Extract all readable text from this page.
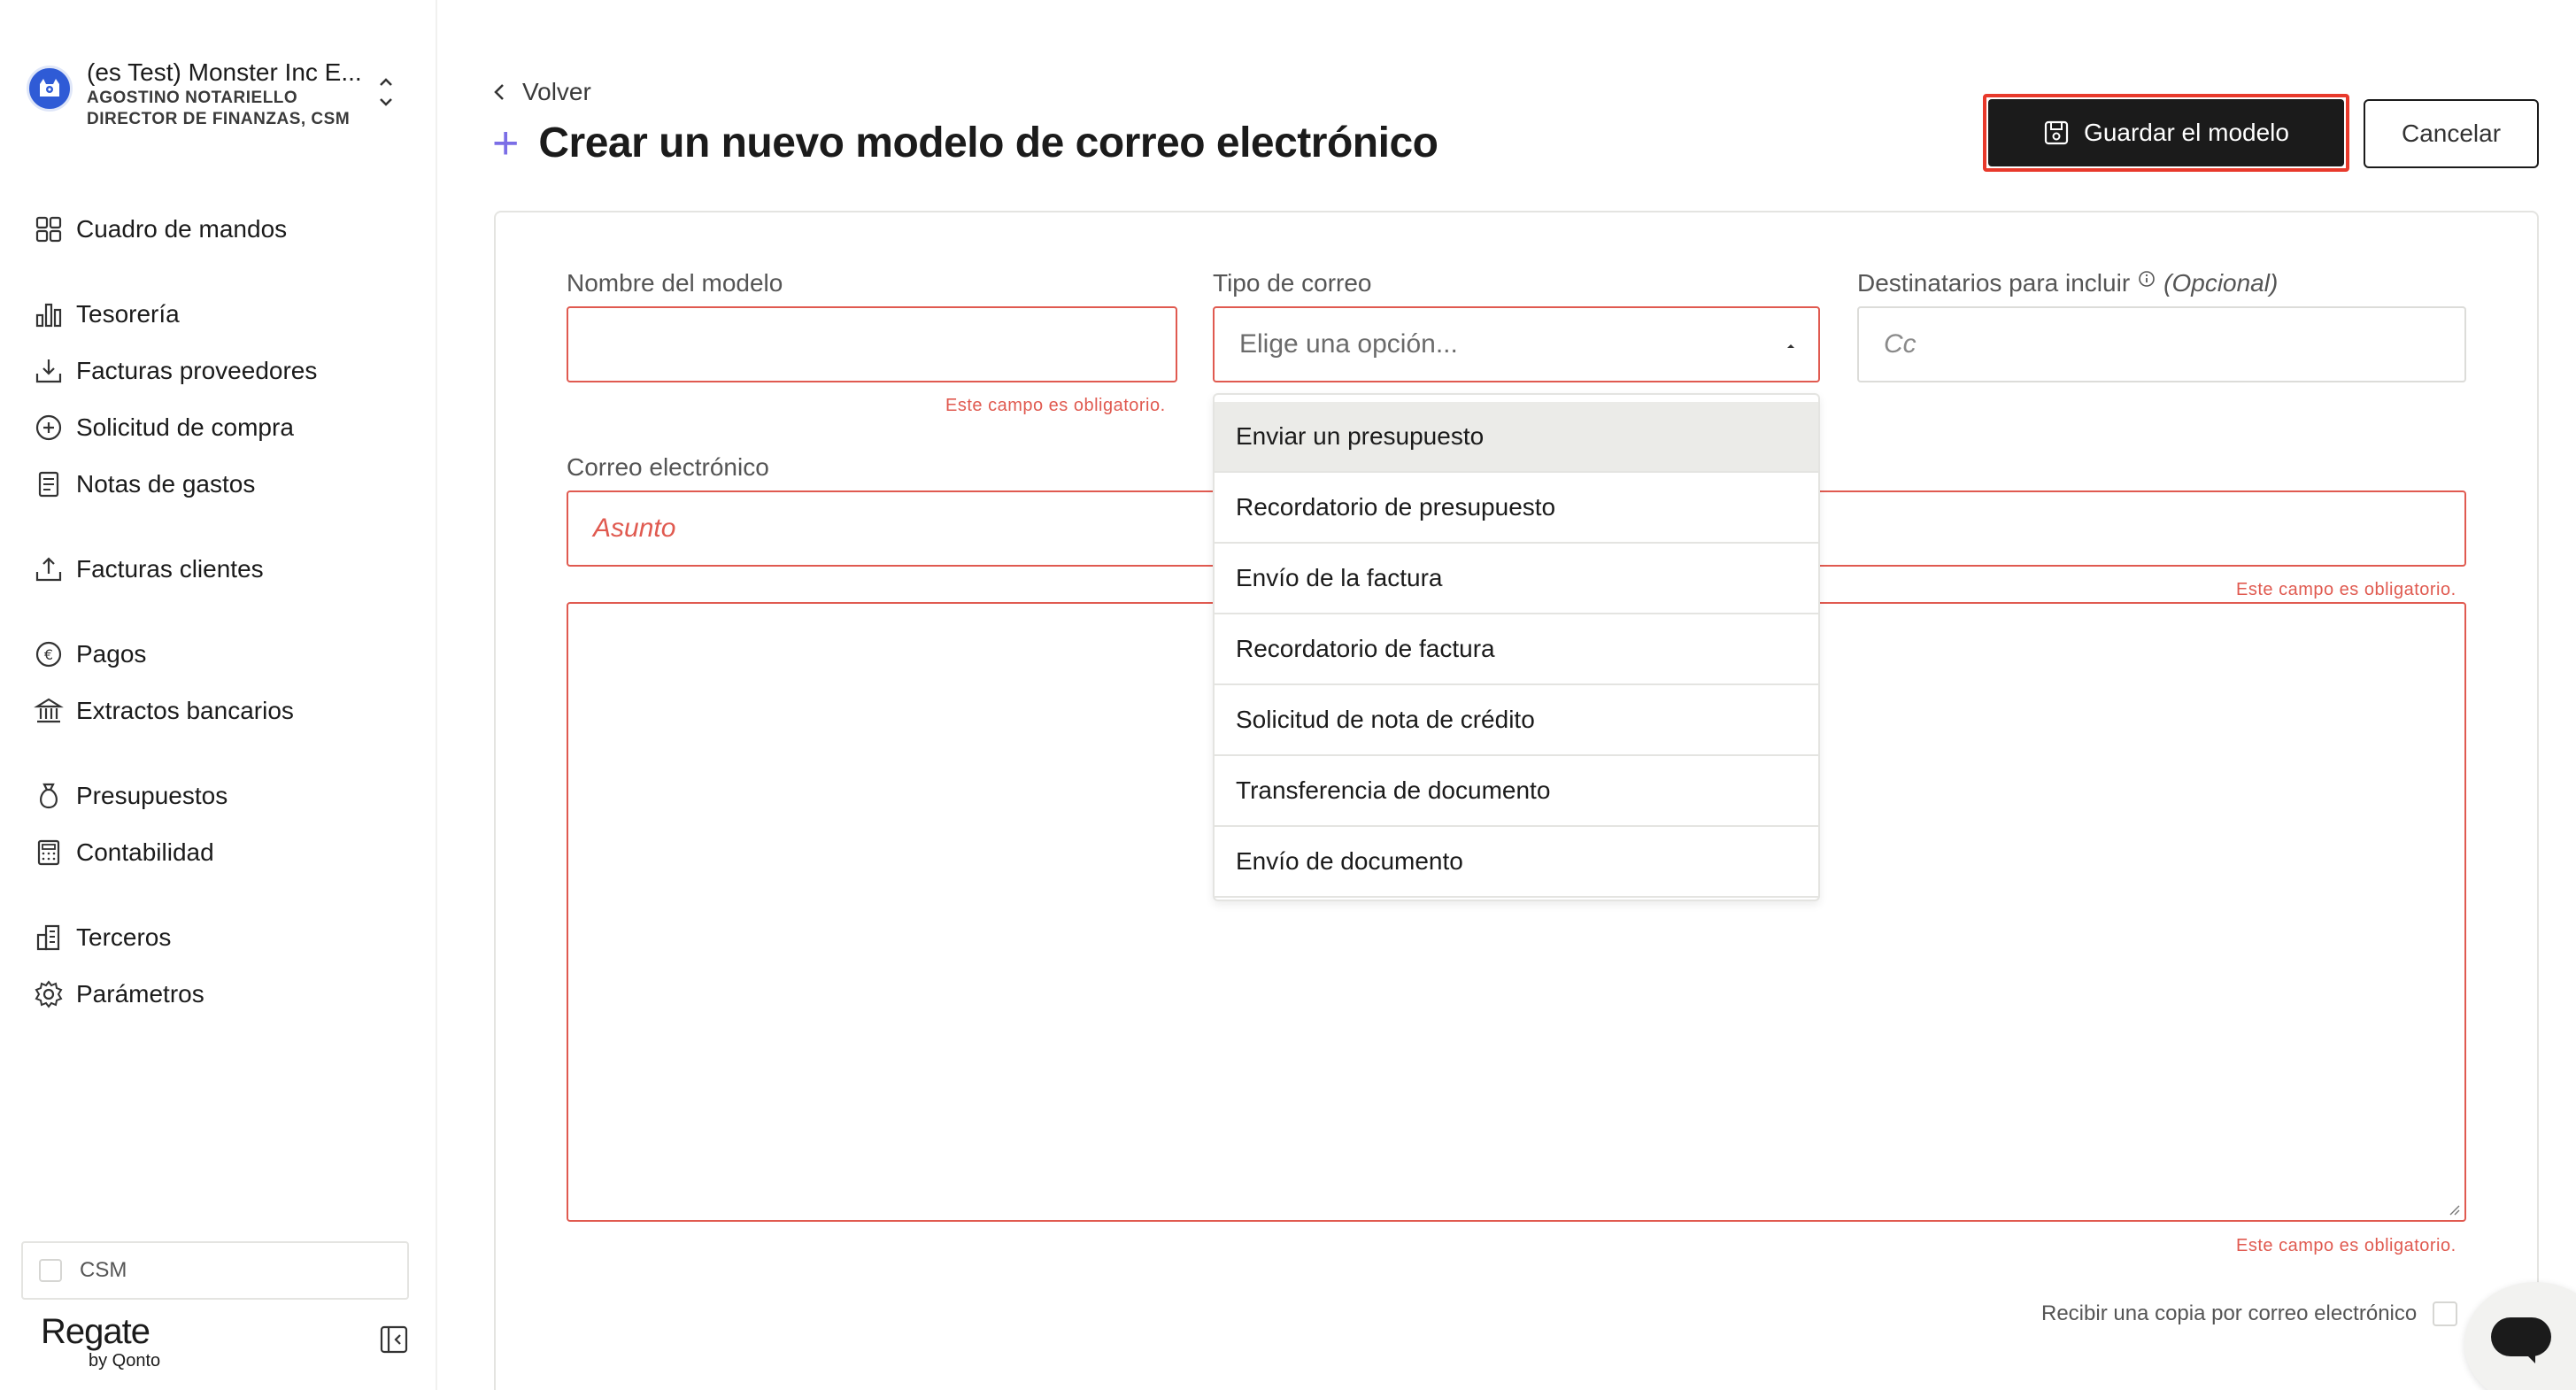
(es Test) Monster Inc E...
AGOSTINO NOTARIELLO
DIRECTOR DE FINANZAS, CSM
Cuadro de mandos
Tesorería
Facturas proveedores
Solicitud de compra
Notas de gastos
Facturas clientes
€ Pagos
Extractos bancarios
Presupuestos
Contabilidad
Terceros
Parámetros
CSM
Regate
by Qonto
Volver
+ Crear un nuevo modelo de correo electrónico	Guardar el modelo	Cancelar
Nombre del modelo	Tipo de correo	Destinatarios para incluir (Opcional)
Este campo es obligatorio.
Elige una opción...	Cc
Correo electrónico
Asunto
Este campo es obligatorio.
Este campo es obligatorio.
Recibir una copia por correo electrónico
Enviar un presupuesto
Recordatorio de presupuesto
Envío de la factura
Recordatorio de factura
Solicitud de nota de crédito
Transferencia de documento
Envío de documento
